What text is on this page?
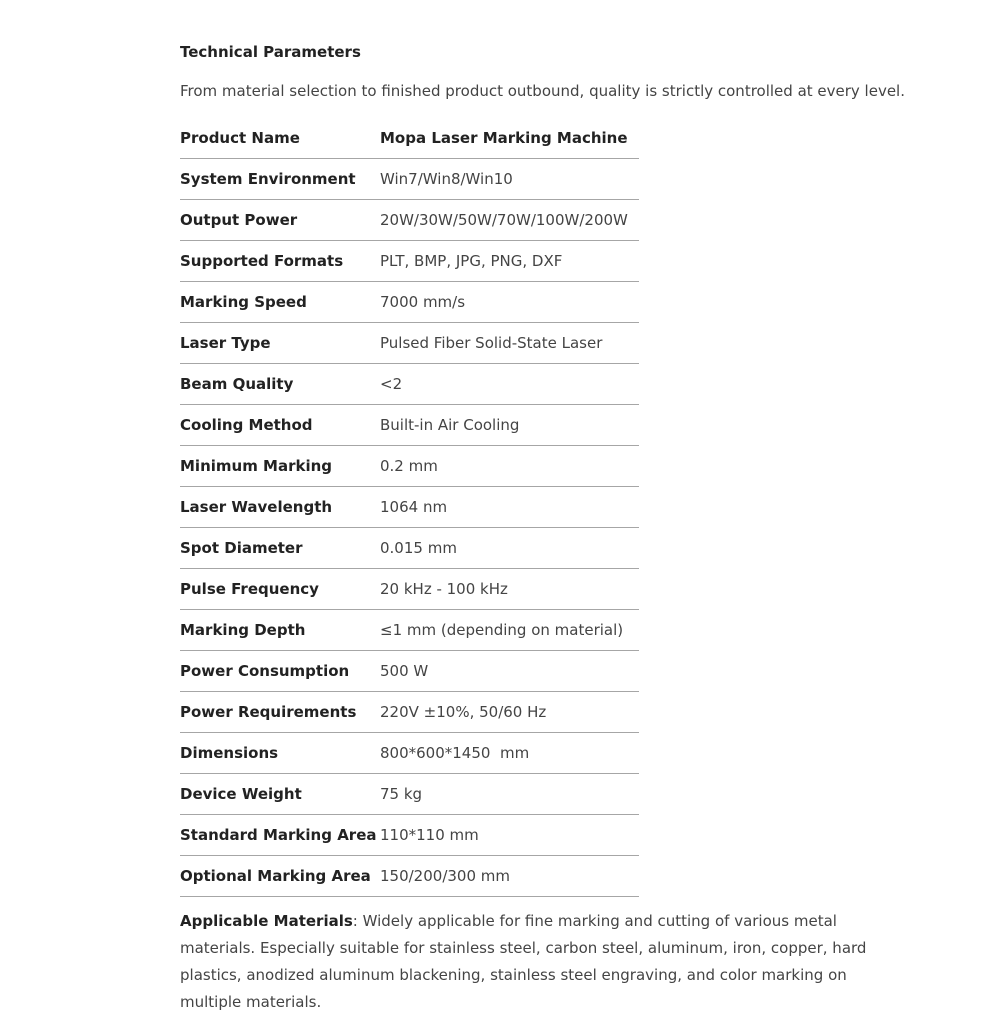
Technical Parameters
From material selection to finished product outbound, quality is strictly controlled at every level.
Product Name	Mopa Laser Marking Machine
System Environment	Win7/Win8/Win10
Output Power	20W/30W/50W/70W/100W/200W
Supported Formats	PLT, BMP, JPG, PNG, DXF
Marking Speed	7000 mm/s
Laser Type	Pulsed Fiber Solid-State Laser
Beam Quality	<2
Cooling Method	Built-in Air Cooling
Minimum Marking	0.2 mm
Laser Wavelength	1064 nm
Spot Diameter	0.015 mm
Pulse Frequency	20 kHz - 100 kHz
Marking Depth	≤1 mm (depending on material)
Power Consumption	500 W
Power Requirements	220V ±10%, 50/60 Hz
Dimensions	800*600*1450  mm
Device Weight	75 kg
Standard Marking Area	110*110 mm
Optional Marking Area	150/200/300 mm

Applicable Materials: Widely applicable for fine marking and cutting of various metal materials. Especially suitable for stainless steel, carbon steel, aluminum, iron, copper, hard plastics, anodized aluminum blackening, stainless steel engraving, and color marking on multiple materials.
